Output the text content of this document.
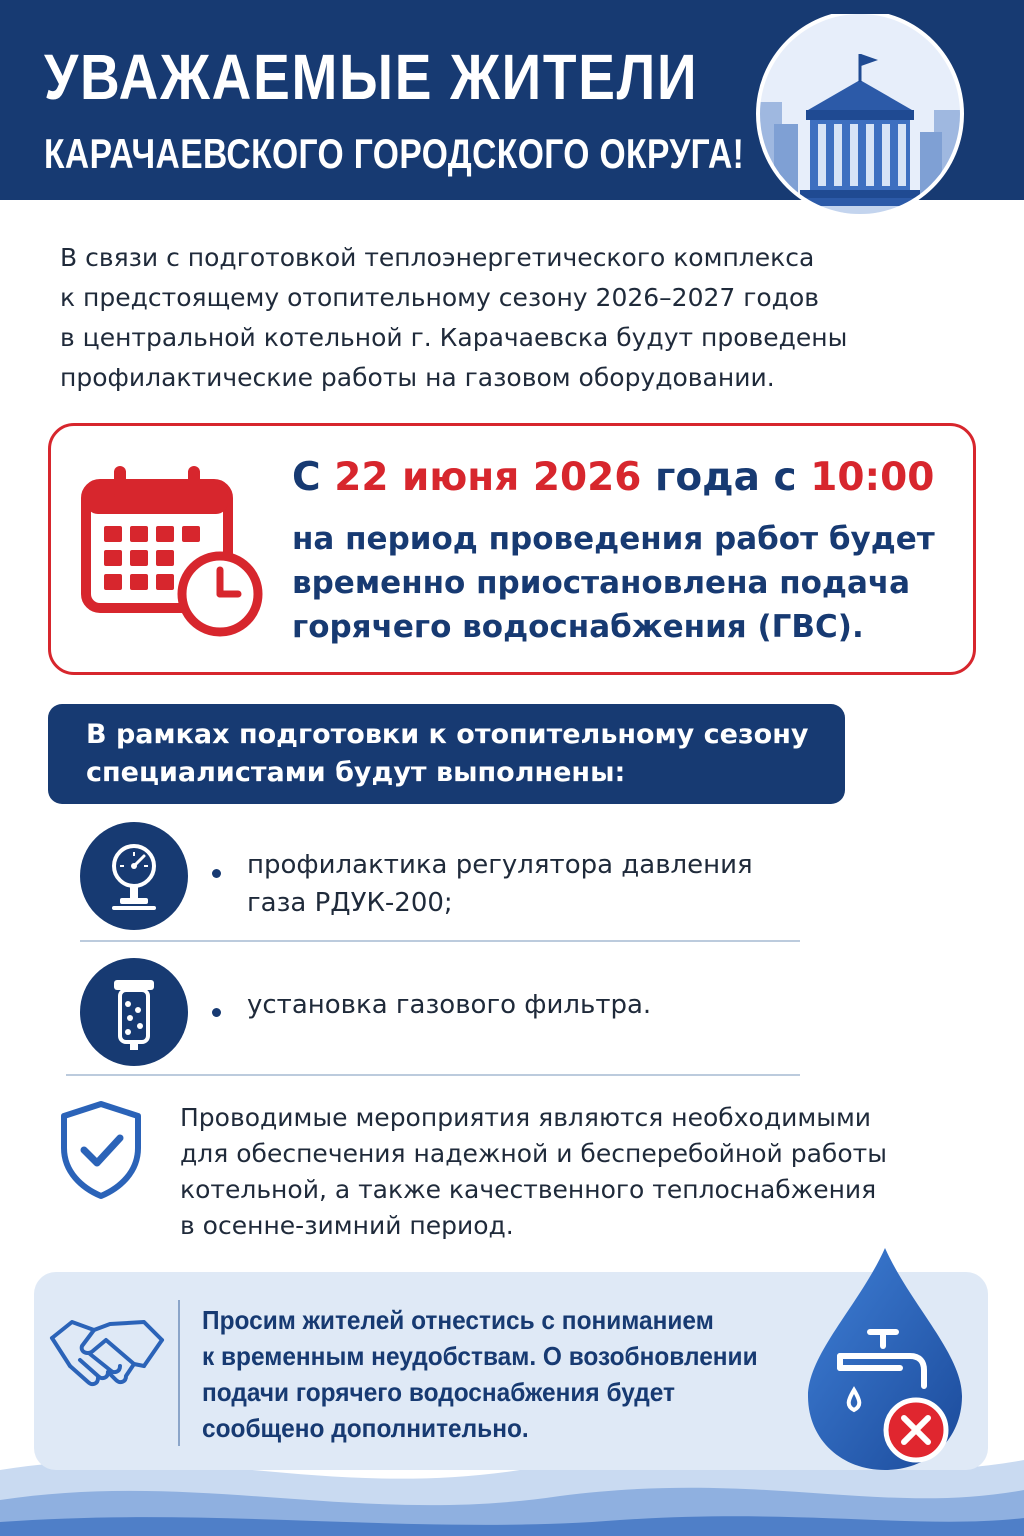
УВАЖАЕМЫЕ ЖИТЕЛИ
КАРАЧАЕВСКОГО ГОРОДСКОГО ОКРУГА!
В связи с подготовкой теплоэнергетического комплекса
к предстоящему отопительному сезону 2026–2027 годов
в центральной котельной г. Карачаевска будут проведены
профилактические работы на газовом оборудовании.
С 22 июня 2026 года с 10:00
на период проведения работ будет
временно приостановлена подача
горячего водоснабжения (ГВС).
В рамках подготовки к отопительному сезону
специалистами будут выполнены:
профилактика регулятора давления
газа РДУК-200;
установка газового фильтра.
Проводимые мероприятия являются необходимыми
для обеспечения надежной и бесперебойной работы
котельной, а также качественного теплоснабжения
в осенне-зимний период.
Просим жителей отнестись с пониманием
к временным неудобствам. О возобновлении
подачи горячего водоснабжения будет
сообщено дополнительно.
